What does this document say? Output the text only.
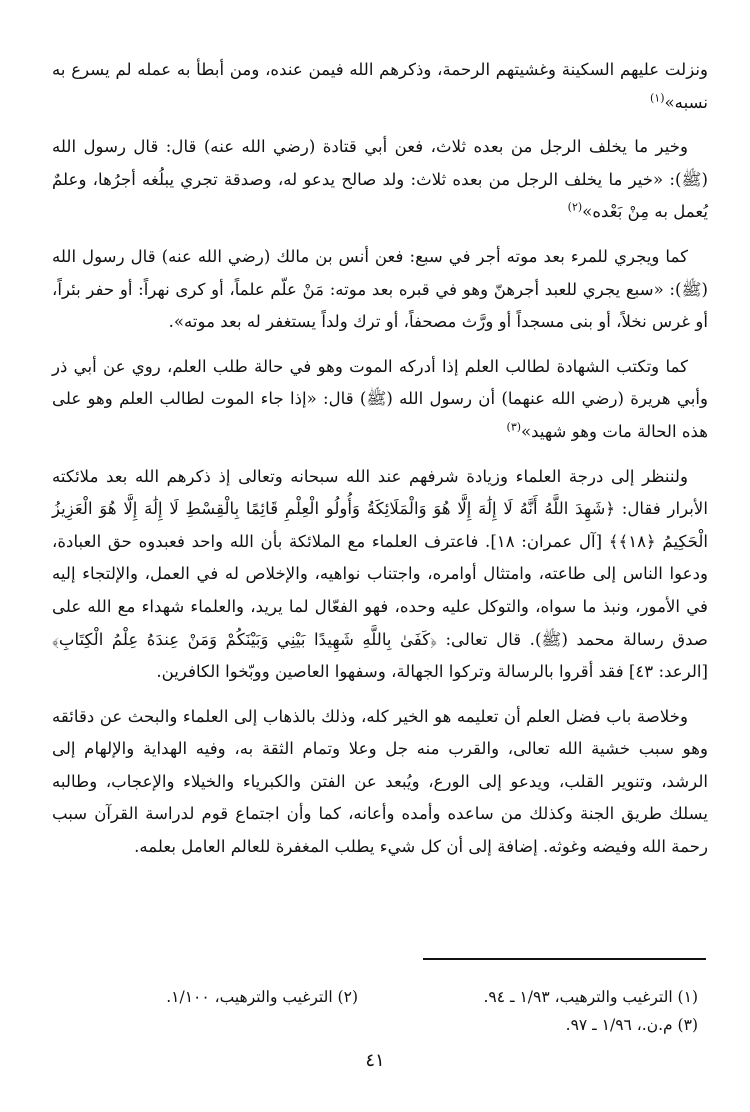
ونزلت عليهم السكينة وغشيتهم الرحمة، وذكرهم الله فيمن عنده، ومن أبطأ به عمله لم يسرع به نسبه»$^{(١)}$

وخير ما يخلف الرجل من بعده ثلاث، فعن أبي قتادة (رضي الله عنه) قال: قال رسول الله (ﷺ): «خير ما يخلف الرجل من بعده ثلاث: ولد صالح يدعو له، وصدقة تجري يبلُغه أجرُها، وعلمٌ يُعمل به مِنْ بَعْده»$^{(٢)}$

كما ويجري للمرء بعد موته أجر في سبع: فعن أنس بن مالك (رضي الله عنه) قال رسول الله (ﷺ): «سبع يجري للعبد أجرهنّ وهو في قبره بعد موته: مَنْ علّم علماً، أو كرى نهراً: أو حفر بئراً، أو غرس نخلاً، أو بنى مسجداً أو ورَّث مصحفاً، أو ترك ولداً يستغفر له بعد موته».

كما وتكتب الشهادة لطالب العلم إذا أدركه الموت وهو في حالة طلب العلم، روي عن أبي ذر وأبي هريرة (رضي الله عنهما) أن رسول الله (ﷺ) قال: «إذا جاء الموت لطالب العلم وهو على هذه الحالة مات وهو شهيد»$^{(٣)}$

ولننظر إلى درجة العلماء وزيادة شرفهم عند الله سبحانه وتعالى إذ ذكرهم الله بعد ملائكته الأبرار فقال: ﴿شَهِدَ اللَّهُ أَنَّهُ لَا إِلَٰهَ إِلَّا هُوَ وَالْمَلَائِكَةُ وَأُولُو الْعِلْمِ قَائِمًا بِالْقِسْطِ لَا إِلَٰهَ إِلَّا هُوَ الْعَزِيزُ الْحَكِيمُ ﴿١٨﴾﴾ [آل عمران: ١٨]. فاعترف العلماء مع الملائكة بأن الله واحد فعبدوه حق العبادة، ودعوا الناس إلى طاعته، وامتثال أوامره، واجتناب نواهيه، والإخلاص له في العمل، والإلتجاء إليه في الأمور، ونبذ ما سواه، والتوكل عليه وحده، فهو الفعّال لما يريد، والعلماء شهداء مع الله على صدق رسالة محمد (ﷺ). قال تعالى: ﴿كَفَىٰ بِاللَّهِ شَهِيدًا بَيْنِي وَبَيْنَكُمْ وَمَنْ عِندَهُ عِلْمُ الْكِتَابِ﴾ [الرعد: ٤٣] فقد أقروا بالرسالة وتركوا الجهالة، وسفهوا العاصين ووبّخوا الكافرين.

وخلاصة باب فضل العلم أن تعليمه هو الخير كله، وذلك بالذهاب إلى العلماء والبحث عن دقائقه وهو سبب خشية الله تعالى، والقرب منه جل وعلا وتمام الثقة به، وفيه الهداية والإلهام إلى الرشد، وتنوير القلب، ويدعو إلى الورع، ويُبعد عن الفتن والكبرياء والخيلاء والإعجاب، وطالبه يسلك طريق الجنة وكذلك من ساعده وأمده وأعانه، كما وأن اجتماع قوم لدراسة القرآن سبب رحمة الله وفيضه وغوثه. إضافة إلى أن كل شيء يطلب المغفرة للعالم العامل بعلمه.

(١) الترغيب والترهيب، ١/٩٣ ـ ٩٤.
(٢) الترغيب والترهيب، ١/١٠٠.
(٣) م.ن.، ١/٩٦ ـ ٩٧.
٤١
